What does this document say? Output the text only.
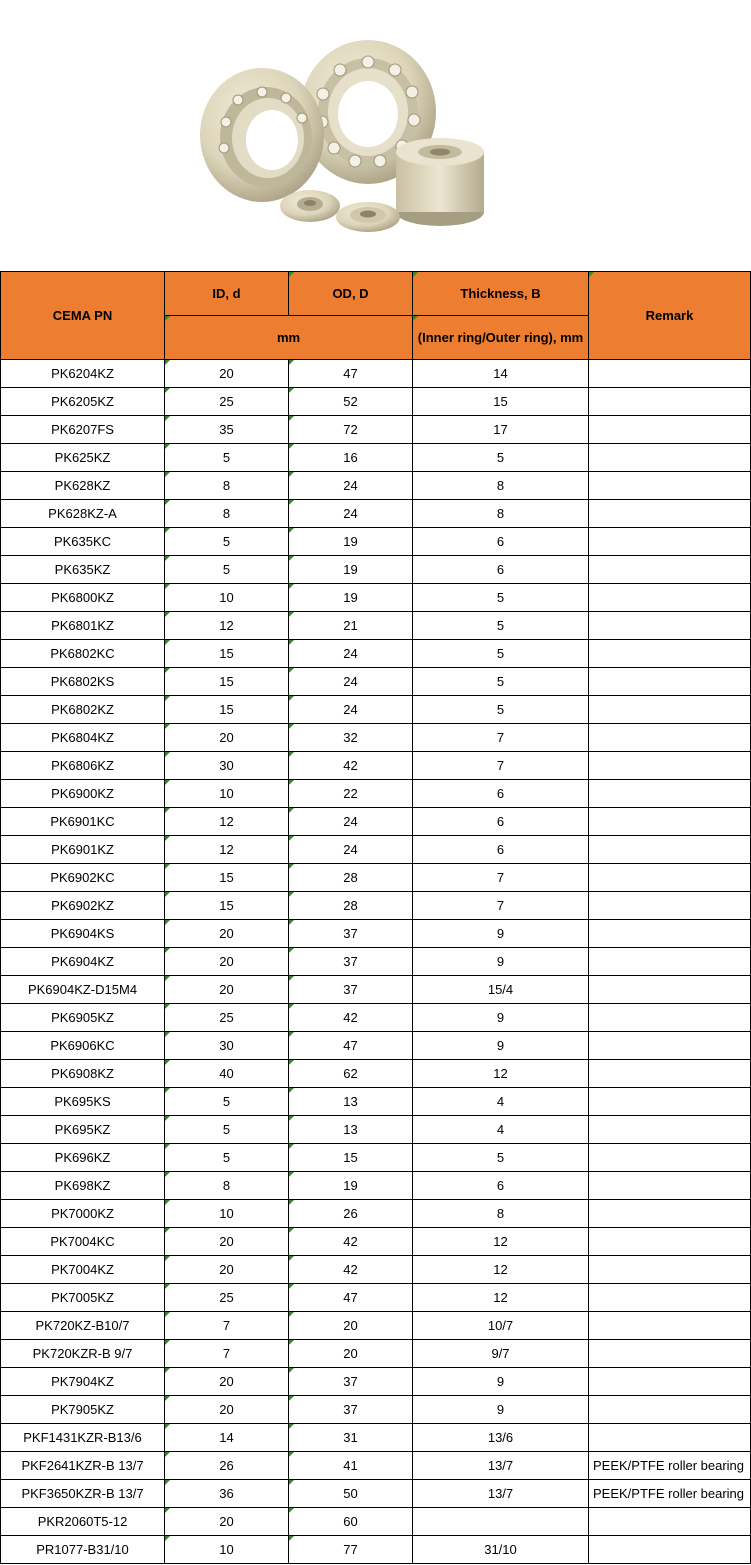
CEMA PN	ID, d	OD, D	Thickness, B	Remark
	mm		(Inner ring/Outer ring), mm	
PK6204KZ	20	47	14	
PK6205KZ	25	52	15	
PK6207FS	35	72	17	
PK625KZ	5	16	5	
PK628KZ	8	24	8	
PK628KZ-A	8	24	8	
PK635KC	5	19	6	
PK635KZ	5	19	6	
PK6800KZ	10	19	5	
PK6801KZ	12	21	5	
PK6802KC	15	24	5	
PK6802KS	15	24	5	
PK6802KZ	15	24	5	
PK6804KZ	20	32	7	
PK6806KZ	30	42	7	
PK6900KZ	10	22	6	
PK6901KC	12	24	6	
PK6901KZ	12	24	6	
PK6902KC	15	28	7	
PK6902KZ	15	28	7	
PK6904KS	20	37	9	
PK6904KZ	20	37	9	
PK6904KZ-D15M4	20	37	15/4	
PK6905KZ	25	42	9	
PK6906KC	30	47	9	
PK6908KZ	40	62	12	
PK695KS	5	13	4	
PK695KZ	5	13	4	
PK696KZ	5	15	5	
PK698KZ	8	19	6	
PK7000KZ	10	26	8	
PK7004KC	20	42	12	
PK7004KZ	20	42	12	
PK7005KZ	25	47	12	
PK720KZ-B10/7	7	20	10/7	
PK720KZR-B 9/7	7	20	9/7	
PK7904KZ	20	37	9	
PK7905KZ	20	37	9	
PKF1431KZR-B13/6	14	31	13/6	
PKF2641KZR-B 13/7	26	41	13/7	PEEK/PTFE roller bearing
PKF3650KZR-B 13/7	36	50	13/7	PEEK/PTFE roller bearing
PKR2060T5-12	20	60		
PR1077-B31/10	10	77	31/10	
